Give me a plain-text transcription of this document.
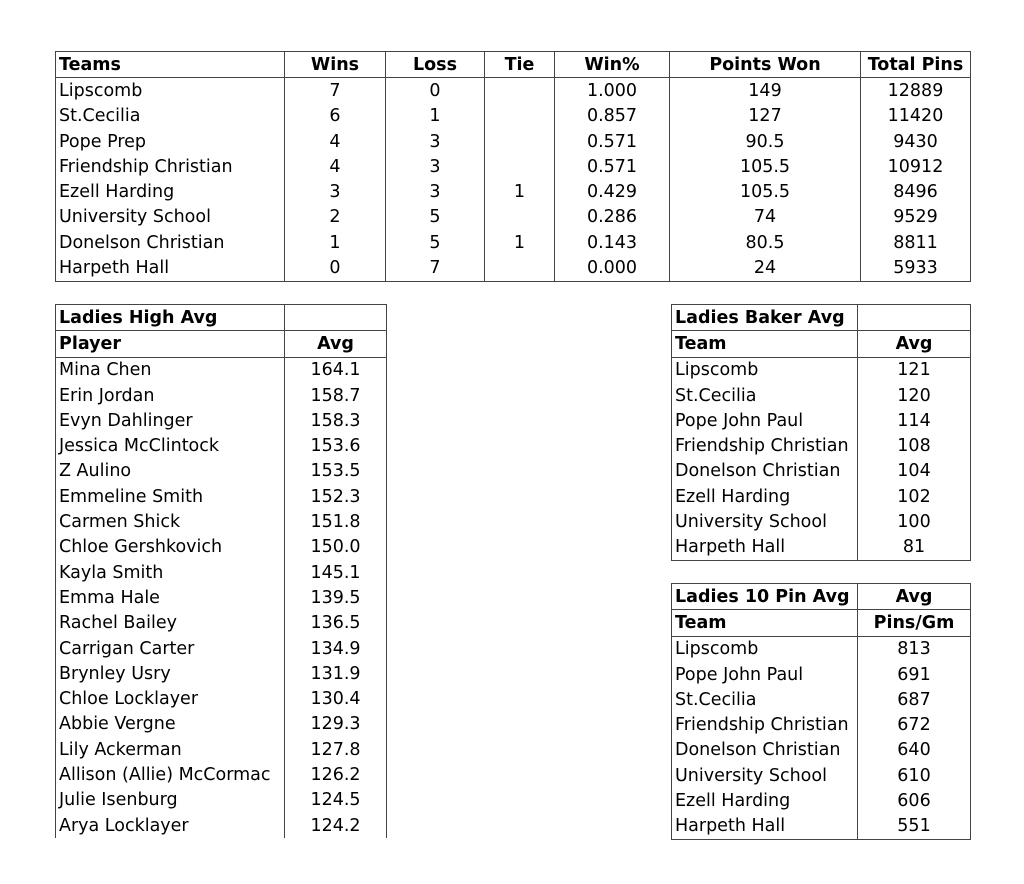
Teams	Wins	Loss	Tie	Win%	Points Won	Total Pins
Lipscomb	7	0		1.000	149	12889
St.Cecilia	6	1		0.857	127	11420
Pope Prep	4	3		0.571	90.5	9430
Friendship Christian	4	3		0.571	105.5	10912
Ezell Harding	3	3	1	0.429	105.5	8496
University School	2	5		0.286	74	9529
Donelson Christian	1	5	1	0.143	80.5	8811
Harpeth Hall	0	7		0.000	24	5933
Ladies High Avg	
Player	Avg
Mina Chen	164.1
Erin Jordan	158.7
Evyn Dahlinger	158.3
Jessica McClintock	153.6
Z Aulino	153.5
Emmeline Smith	152.3
Carmen Shick	151.8
Chloe Gershkovich	150.0
Kayla Smith	145.1
Emma Hale	139.5
Rachel Bailey	136.5
Carrigan Carter	134.9
Brynley Usry	131.9
Chloe Locklayer	130.4
Abbie Vergne	129.3
Lily Ackerman	127.8
Allison (Allie) McCormac	126.2
Julie Isenburg	124.5
Arya Locklayer	124.2
Ladies Baker Avg	
Team	Avg
Lipscomb	121
St.Cecilia	120
Pope John Paul	114
Friendship Christian	108
Donelson Christian	104
Ezell Harding	102
University School	100
Harpeth Hall	81
Ladies 10 Pin Avg	Avg
Team	Pins/Gm
Lipscomb	813
Pope John Paul	691
St.Cecilia	687
Friendship Christian	672
Donelson Christian	640
University School	610
Ezell Harding	606
Harpeth Hall	551
